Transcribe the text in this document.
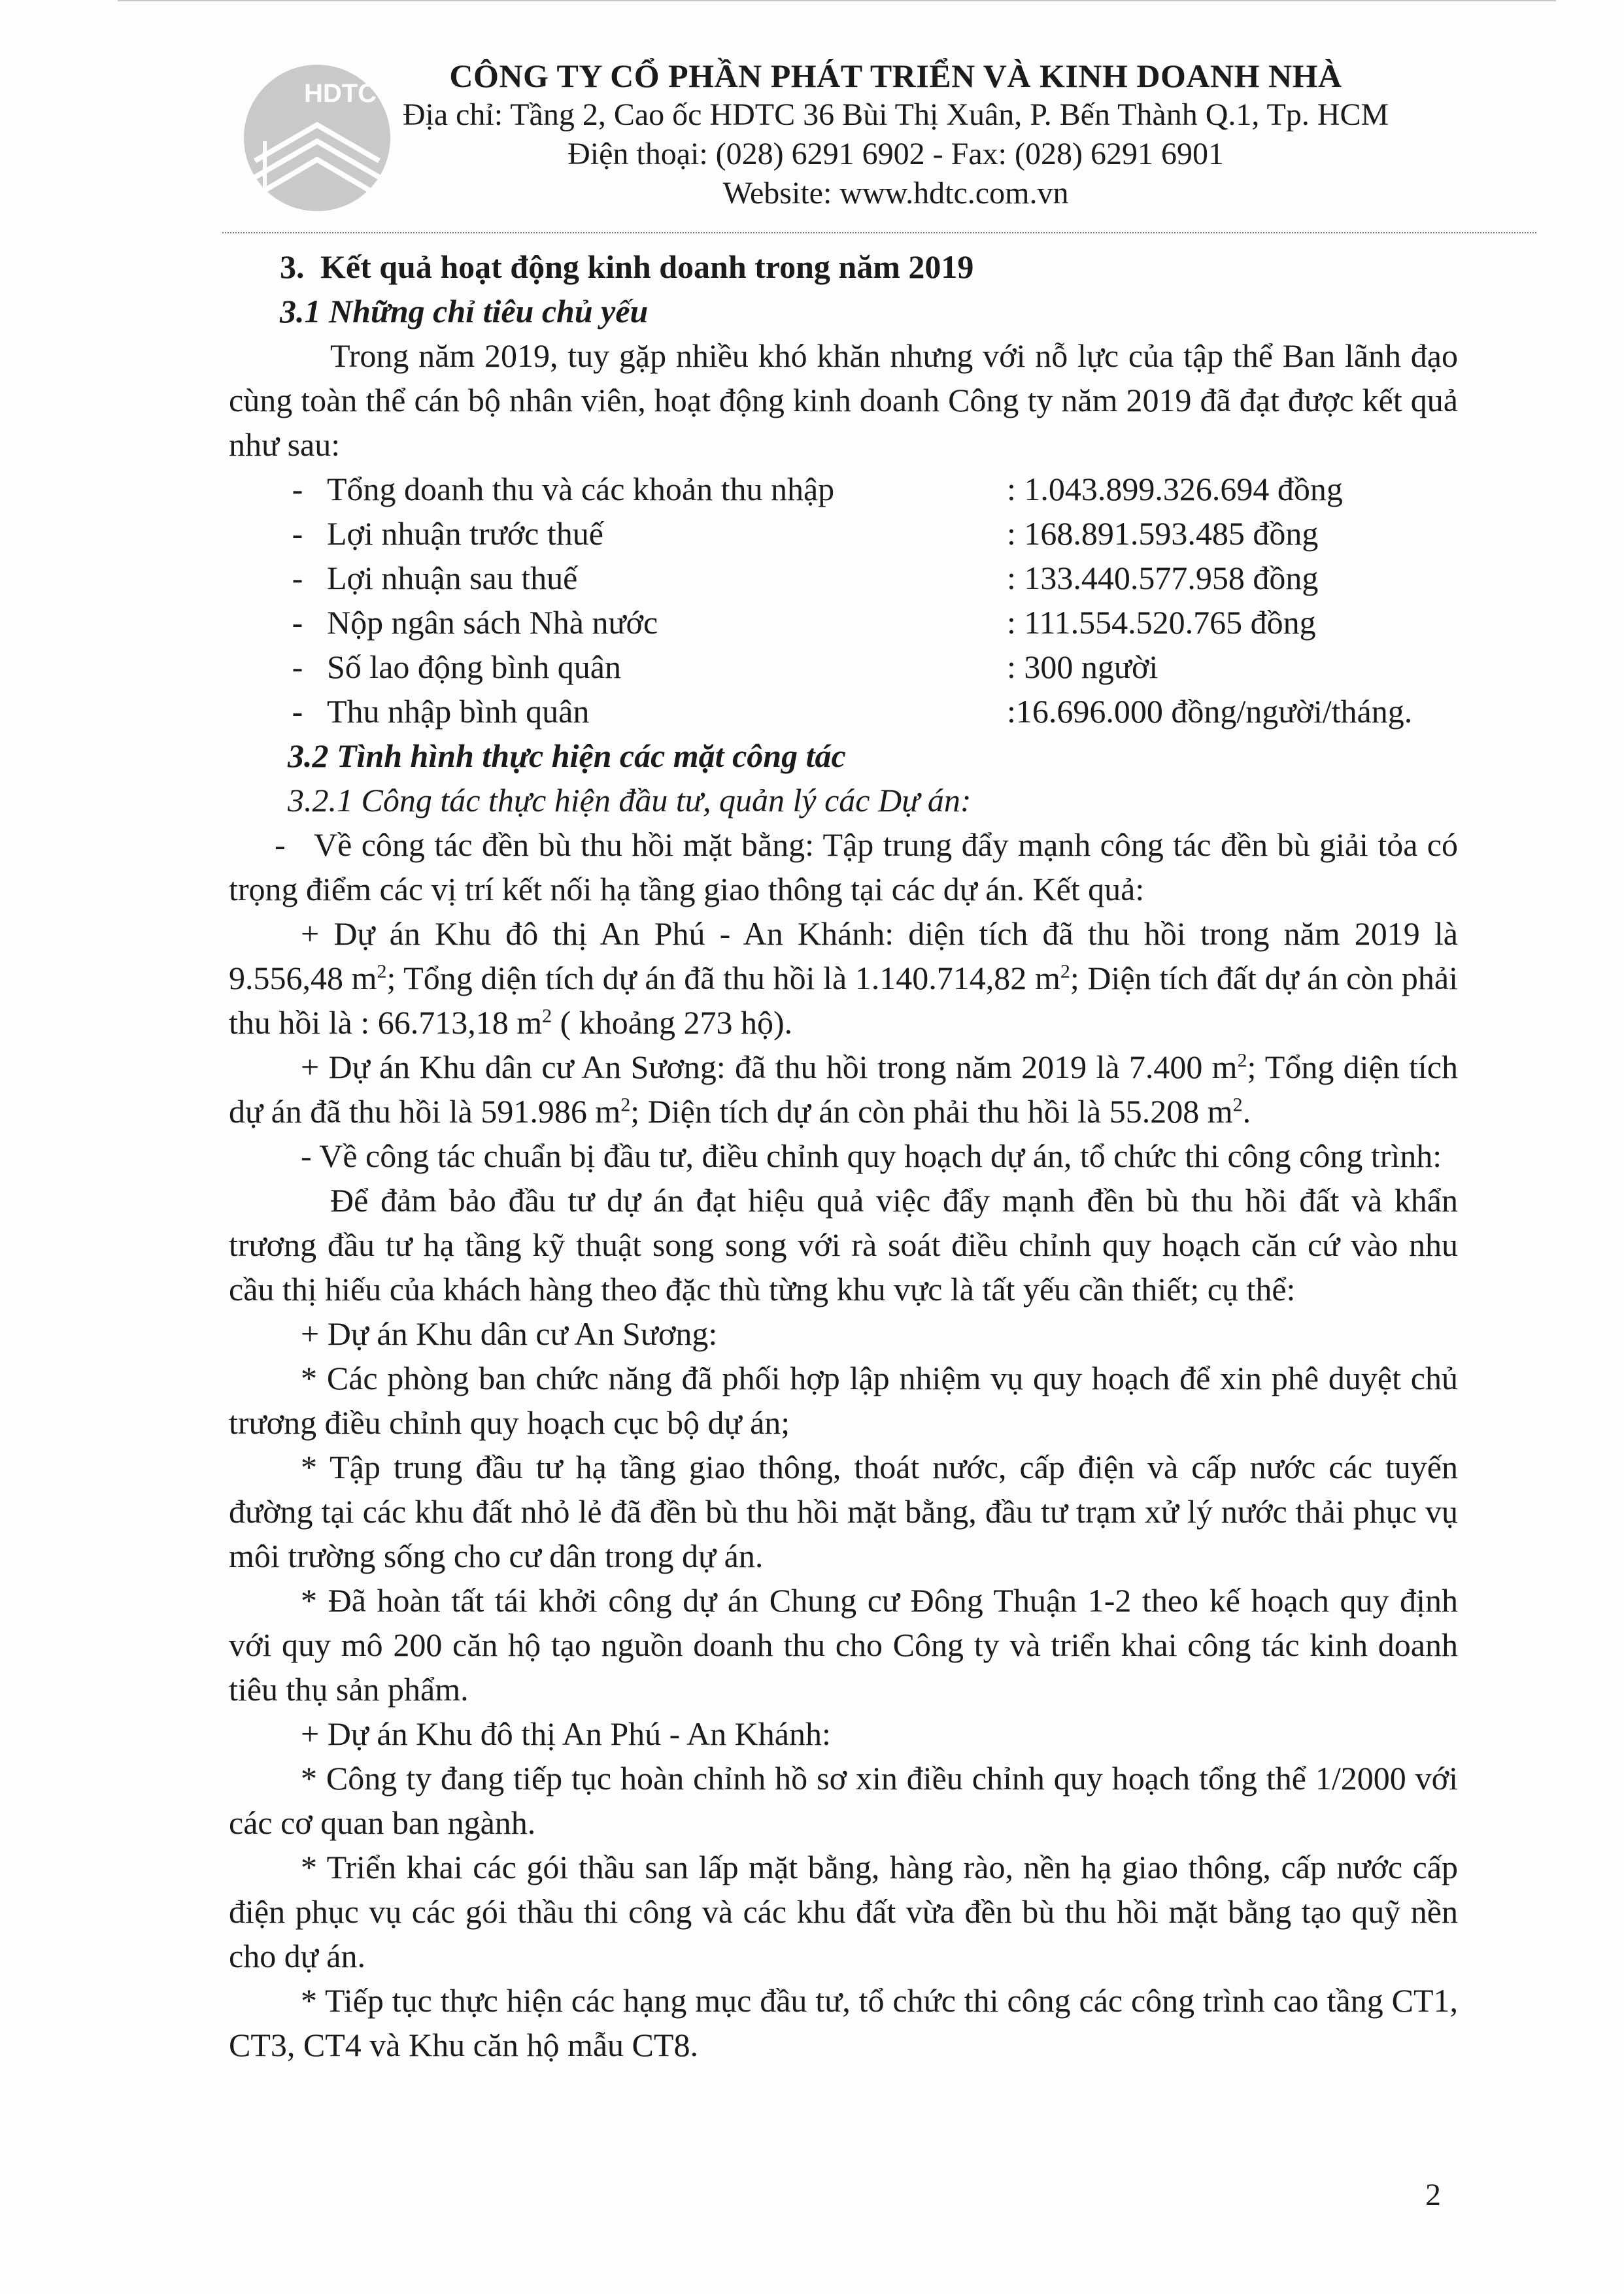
HDTC	CÔNG TY CỔ PHẦN PHÁT TRIỂN VÀ KINH DOANH NHÀ
Địa chỉ: Tầng 2, Cao ốc HDTC 36 Bùi Thị Xuân, P. Bến Thành Q.1, Tp. HCM
Điện thoại: (028) 6291 6902 - Fax: (028) 6291 6901
Website: www.hdtc.com.vn

3. Kết quả hoạt động kinh doanh trong năm 2019

3.1 Những chỉ tiêu chủ yếu

Trong năm 2019, tuy gặp nhiều khó khăn nhưng với nỗ lực của tập thể Ban lãnh đạo cùng toàn thể cán bộ nhân viên, hoạt động kinh doanh Công ty năm 2019 đã đạt được kết quả như sau:

- Tổng doanh thu và các khoản thu nhập	: 1.043.899.326.694 đồng
- Lợi nhuận trước thuế	: 168.891.593.485 đồng
- Lợi nhuận sau thuế	: 133.440.577.958 đồng
- Nộp ngân sách Nhà nước	: 111.554.520.765 đồng
- Số lao động bình quân	: 300 người
- Thu nhập bình quân	:16.696.000 đồng/người/tháng.

3.2 Tình hình thực hiện các mặt công tác

3.2.1 Công tác thực hiện đầu tư, quản lý các Dự án:

- Về công tác đền bù thu hồi mặt bằng: Tập trung đẩy mạnh công tác đền bù giải tỏa có trọng điểm các vị trí kết nối hạ tầng giao thông tại các dự án. Kết quả:

+ Dự án Khu đô thị An Phú - An Khánh: diện tích đã thu hồi trong năm 2019 là 9.556,48 $m^2$; Tổng diện tích dự án đã thu hồi là 1.140.714,82 $m^2$; Diện tích đất dự án còn phải thu hồi là : 66.713,18 $m^2$ ( khoảng 273 hộ).

+ Dự án Khu dân cư An Sương: đã thu hồi trong năm 2019 là 7.400 $m^2$; Tổng diện tích dự án đã thu hồi là 591.986 $m^2$; Diện tích dự án còn phải thu hồi là 55.208 $m^2$.

- Về công tác chuẩn bị đầu tư, điều chỉnh quy hoạch dự án, tổ chức thi công công trình:

Để đảm bảo đầu tư dự án đạt hiệu quả việc đẩy mạnh đền bù thu hồi đất và khẩn trương đầu tư hạ tầng kỹ thuật song song với rà soát điều chỉnh quy hoạch căn cứ vào nhu cầu thị hiếu của khách hàng theo đặc thù từng khu vực là tất yếu cần thiết; cụ thể:

+ Dự án Khu dân cư An Sương:

* Các phòng ban chức năng đã phối hợp lập nhiệm vụ quy hoạch để xin phê duyệt chủ trương điều chỉnh quy hoạch cục bộ dự án;

* Tập trung đầu tư hạ tầng giao thông, thoát nước, cấp điện và cấp nước các tuyến đường tại các khu đất nhỏ lẻ đã đền bù thu hồi mặt bằng, đầu tư trạm xử lý nước thải phục vụ môi trường sống cho cư dân trong dự án.

* Đã hoàn tất tái khởi công dự án Chung cư Đông Thuận 1-2 theo kế hoạch quy định với quy mô 200 căn hộ tạo nguồn doanh thu cho Công ty và triển khai công tác kinh doanh tiêu thụ sản phẩm.

+ Dự án Khu đô thị An Phú - An Khánh:

* Công ty đang tiếp tục hoàn chỉnh hồ sơ xin điều chỉnh quy hoạch tổng thể 1/2000 với các cơ quan ban ngành.

* Triển khai các gói thầu san lấp mặt bằng, hàng rào, nền hạ giao thông, cấp nước cấp điện phục vụ các gói thầu thi công và các khu đất vừa đền bù thu hồi mặt bằng tạo quỹ nền cho dự án.

* Tiếp tục thực hiện các hạng mục đầu tư, tổ chức thi công các công trình cao tầng CT1, CT3, CT4 và Khu căn hộ mẫu CT8.

2
